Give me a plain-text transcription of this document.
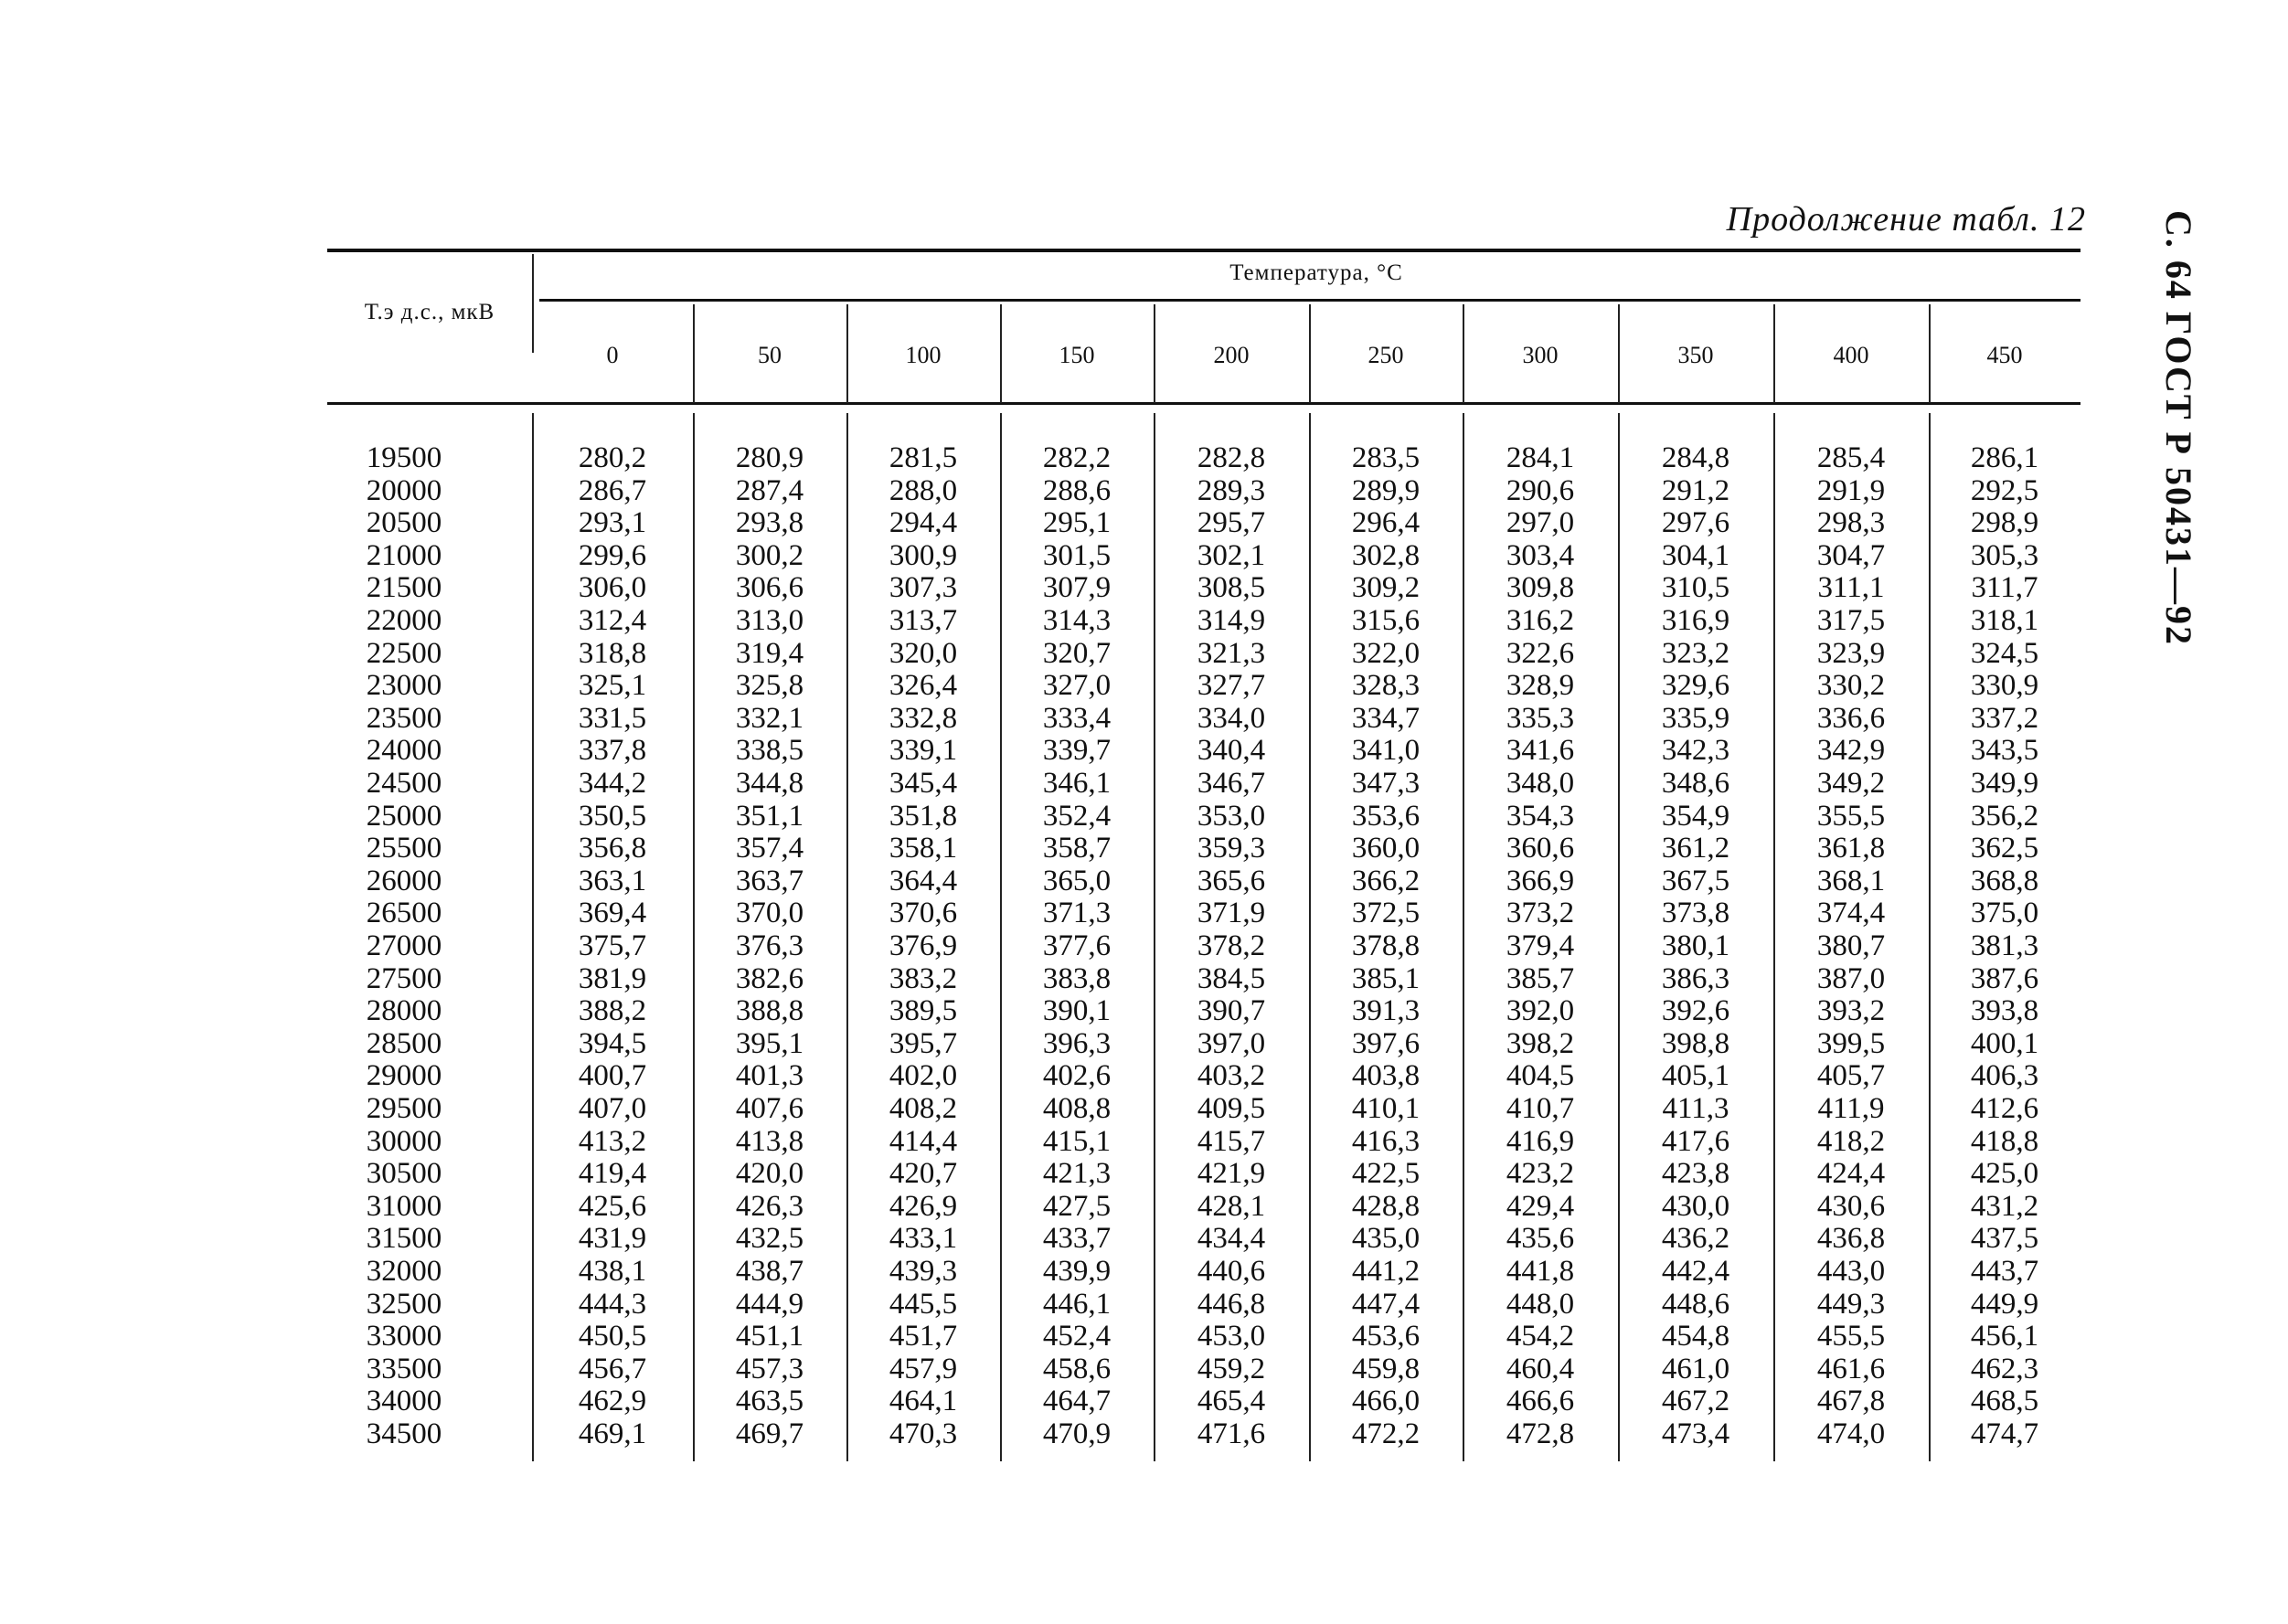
Продолжение табл. 12 С. 64 ГОСТ Р 50431—92
Т.э д.с., мкВ
Температура, °С
0	50	100	150	200	250	300	350	400	450
19500	280,2	280,9	281,5	282,2	282,8	283,5	284,1	284,8	285,4	286,1
20000	286,7	287,4	288,0	288,6	289,3	289,9	290,6	291,2	291,9	292,5
20500	293,1	293,8	294,4	295,1	295,7	296,4	297,0	297,6	298,3	298,9
21000	299,6	300,2	300,9	301,5	302,1	302,8	303,4	304,1	304,7	305,3
21500	306,0	306,6	307,3	307,9	308,5	309,2	309,8	310,5	311,1	311,7
22000	312,4	313,0	313,7	314,3	314,9	315,6	316,2	316,9	317,5	318,1
22500	318,8	319,4	320,0	320,7	321,3	322,0	322,6	323,2	323,9	324,5
23000	325,1	325,8	326,4	327,0	327,7	328,3	328,9	329,6	330,2	330,9
23500	331,5	332,1	332,8	333,4	334,0	334,7	335,3	335,9	336,6	337,2
24000	337,8	338,5	339,1	339,7	340,4	341,0	341,6	342,3	342,9	343,5
24500	344,2	344,8	345,4	346,1	346,7	347,3	348,0	348,6	349,2	349,9
25000	350,5	351,1	351,8	352,4	353,0	353,6	354,3	354,9	355,5	356,2
25500	356,8	357,4	358,1	358,7	359,3	360,0	360,6	361,2	361,8	362,5
26000	363,1	363,7	364,4	365,0	365,6	366,2	366,9	367,5	368,1	368,8
26500	369,4	370,0	370,6	371,3	371,9	372,5	373,2	373,8	374,4	375,0
27000	375,7	376,3	376,9	377,6	378,2	378,8	379,4	380,1	380,7	381,3
27500	381,9	382,6	383,2	383,8	384,5	385,1	385,7	386,3	387,0	387,6
28000	388,2	388,8	389,5	390,1	390,7	391,3	392,0	392,6	393,2	393,8
28500	394,5	395,1	395,7	396,3	397,0	397,6	398,2	398,8	399,5	400,1
29000	400,7	401,3	402,0	402,6	403,2	403,8	404,5	405,1	405,7	406,3
29500	407,0	407,6	408,2	408,8	409,5	410,1	410,7	411,3	411,9	412,6
30000	413,2	413,8	414,4	415,1	415,7	416,3	416,9	417,6	418,2	418,8
30500	419,4	420,0	420,7	421,3	421,9	422,5	423,2	423,8	424,4	425,0
31000	425,6	426,3	426,9	427,5	428,1	428,8	429,4	430,0	430,6	431,2
31500	431,9	432,5	433,1	433,7	434,4	435,0	435,6	436,2	436,8	437,5
32000	438,1	438,7	439,3	439,9	440,6	441,2	441,8	442,4	443,0	443,7
32500	444,3	444,9	445,5	446,1	446,8	447,4	448,0	448,6	449,3	449,9
33000	450,5	451,1	451,7	452,4	453,0	453,6	454,2	454,8	455,5	456,1
33500	456,7	457,3	457,9	458,6	459,2	459,8	460,4	461,0	461,6	462,3
34000	462,9	463,5	464,1	464,7	465,4	466,0	466,6	467,2	467,8	468,5
34500	469,1	469,7	470,3	470,9	471,6	472,2	472,8	473,4	474,0	474,7
